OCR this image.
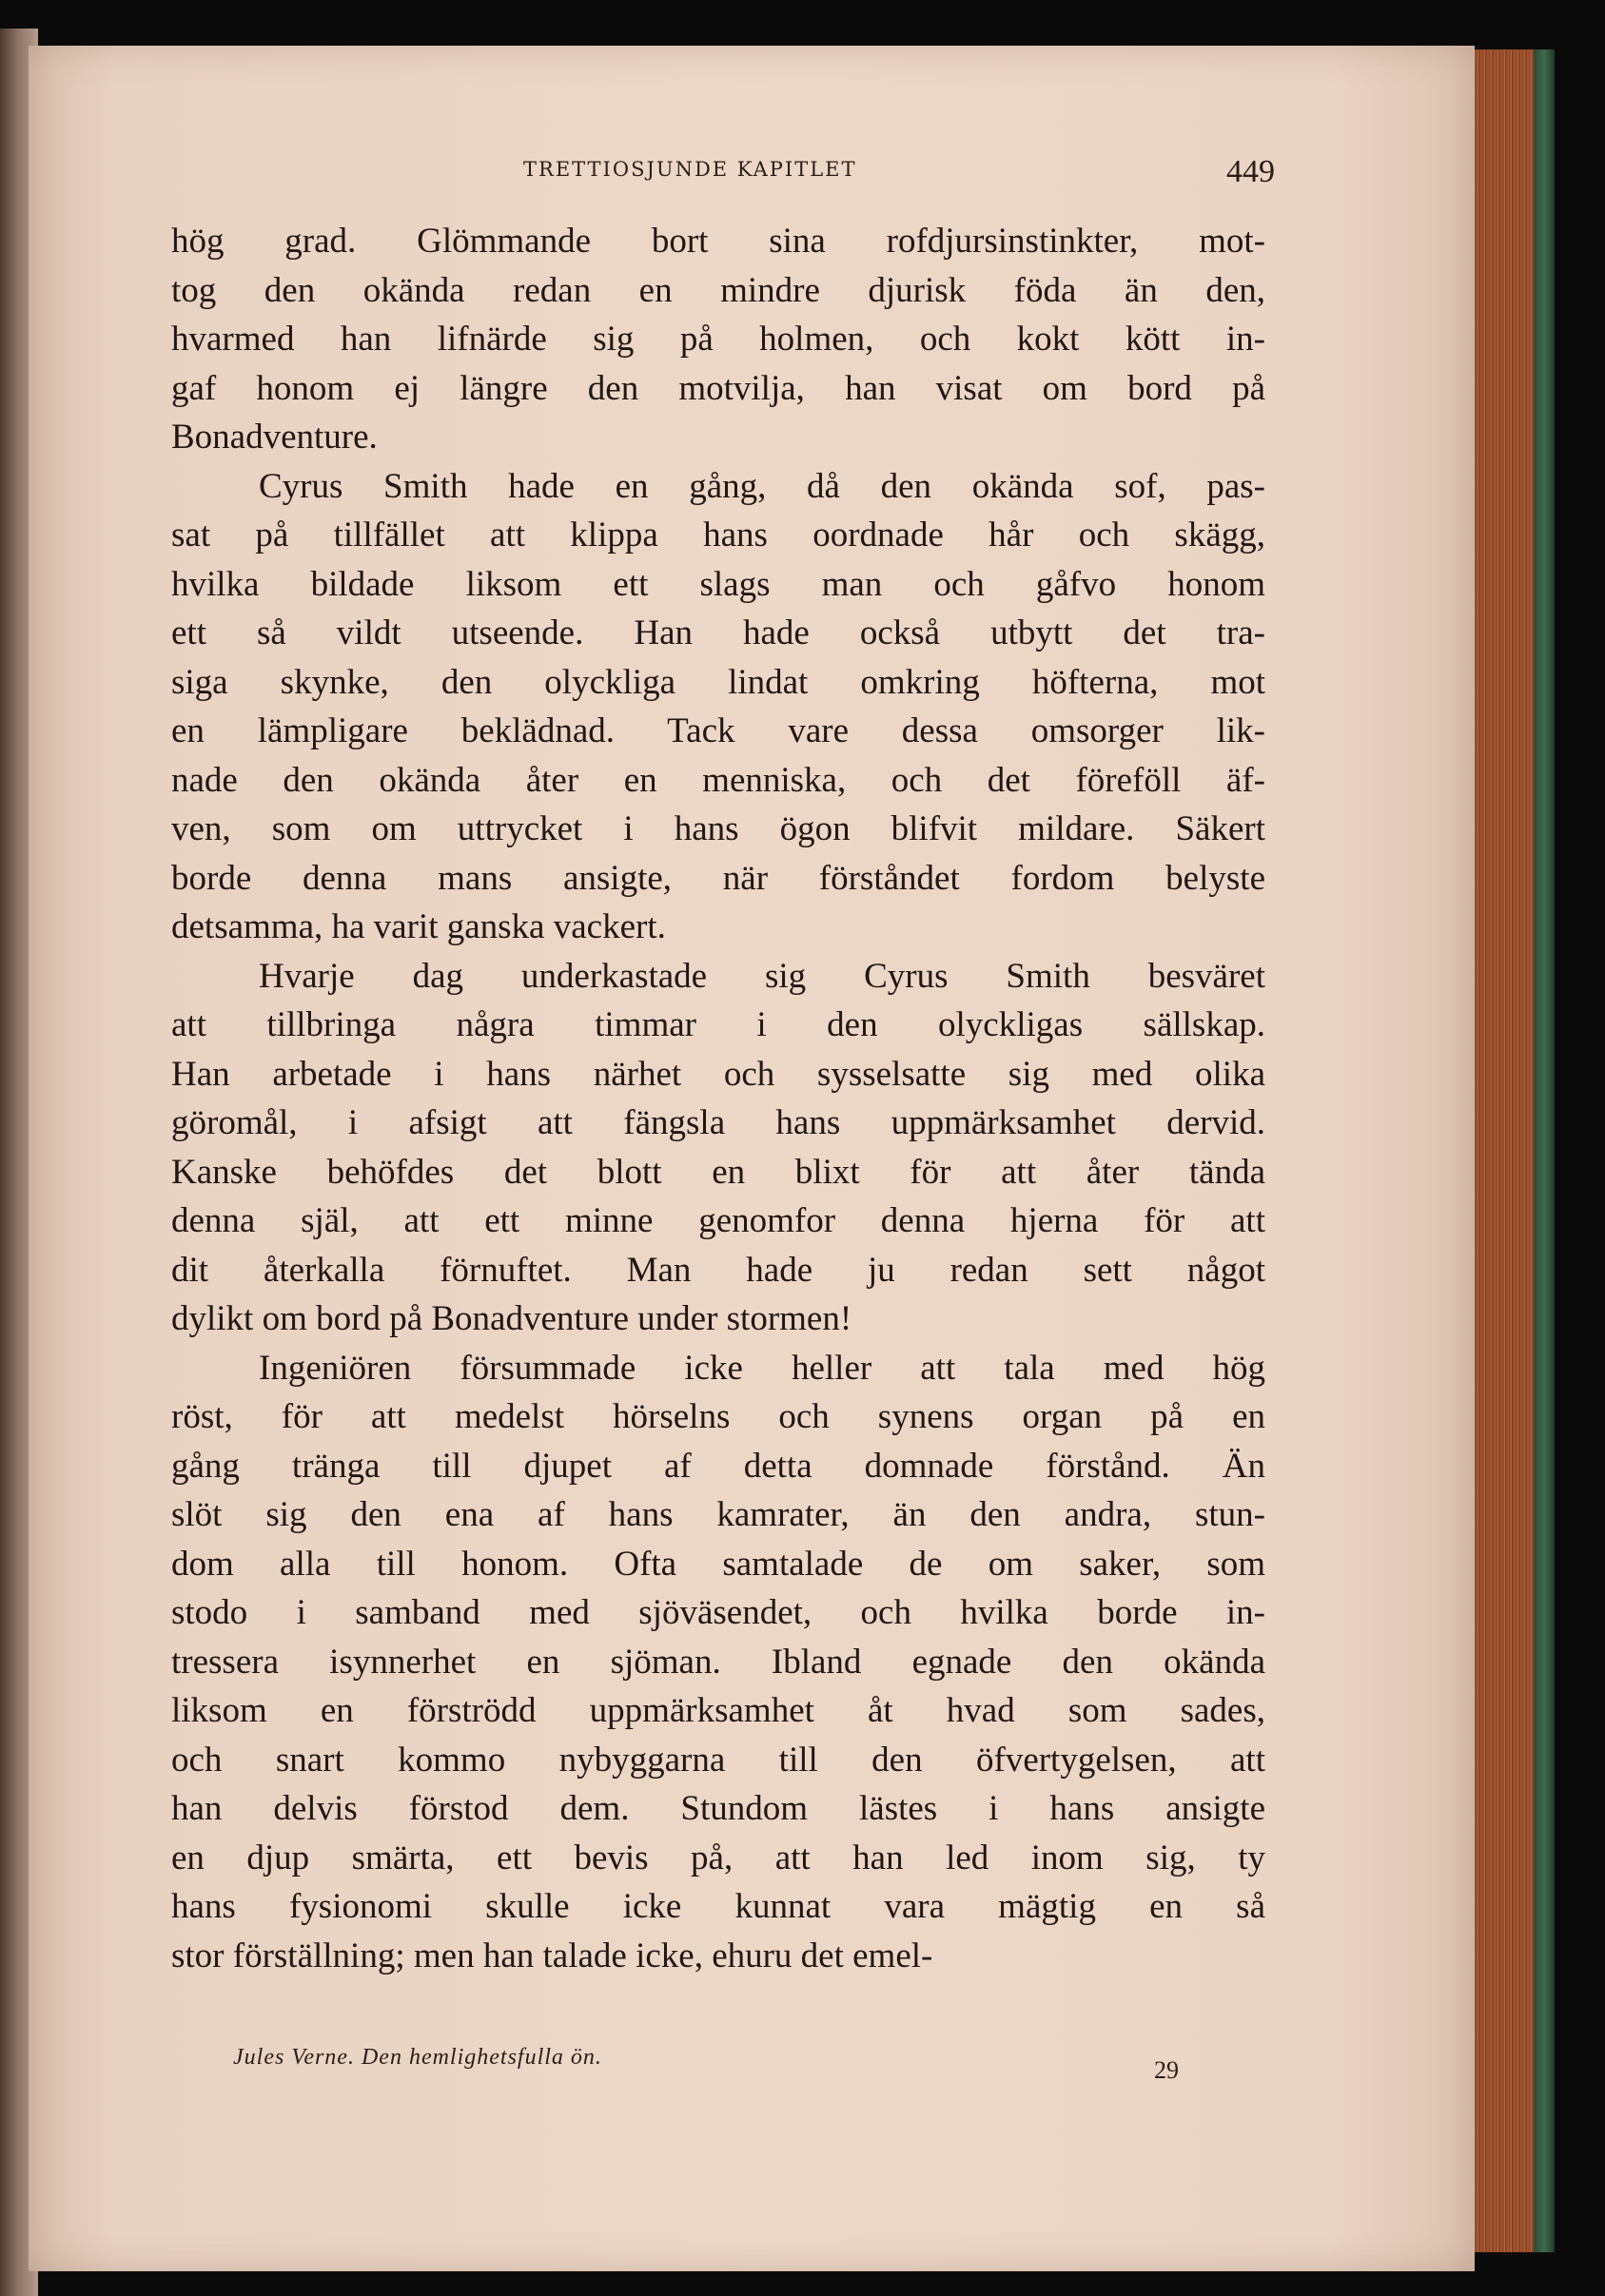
TRETTIOSJUNDE KAPITLET	449
hög grad. Glömmande bort sina rofdjursinstinkter, mot-
tog den okända redan en mindre djurisk föda än den,
hvarmed han lifnärde sig på holmen, och kokt kött in-
gaf honom ej längre den motvilja, han visat om bord på
Bonadventure.
Cyrus Smith hade en gång, då den okända sof, pas-
sat på tillfället att klippa hans oordnade hår och skägg,
hvilka bildade liksom ett slags man och gåfvo honom
ett så vildt utseende. Han hade också utbytt det tra-
siga skynke, den olyckliga lindat omkring höfterna, mot
en lämpligare beklädnad. Tack vare dessa omsorger lik-
nade den okända åter en menniska, och det föreföll äf-
ven, som om uttrycket i hans ögon blifvit mildare. Säkert
borde denna mans ansigte, när förståndet fordom belyste
detsamma, ha varit ganska vackert.
Hvarje dag underkastade sig Cyrus Smith besväret
att tillbringa några timmar i den olyckligas sällskap.
Han arbetade i hans närhet och sysselsatte sig med olika
göromål, i afsigt att fängsla hans uppmärksamhet dervid.
Kanske behöfdes det blott en blixt för att åter tända
denna själ, att ett minne genomfor denna hjerna för att
dit återkalla förnuftet. Man hade ju redan sett något
dylikt om bord på Bonadventure under stormen!
Ingeniören försummade icke heller att tala med hög
röst, för att medelst hörselns och synens organ på en
gång tränga till djupet af detta domnade förstånd. Än
slöt sig den ena af hans kamrater, än den andra, stun-
dom alla till honom. Ofta samtalade de om saker, som
stodo i samband med sjöväsendet, och hvilka borde in-
tressera isynnerhet en sjöman. Ibland egnade den okända
liksom en förströdd uppmärksamhet åt hvad som sades,
och snart kommo nybyggarna till den öfvertygelsen, att
han delvis förstod dem. Stundom lästes i hans ansigte
en djup smärta, ett bevis på, att han led inom sig, ty
hans fysionomi skulle icke kunnat vara mägtig en så
stor förställning; men han talade icke, ehuru det emel-
Jules Verne. Den hemlighetsfulla ön.	29
